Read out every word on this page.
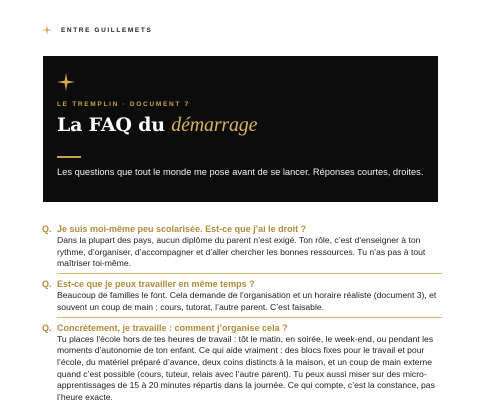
ENTRE GUILLEMETS
LE TREMPLIN · DOCUMENT 7
La FAQ du démarrage
Les questions que tout le monde me pose avant de se lancer. Réponses courtes, droites.
Q. Je suis moi-même peu scolarisée. Est-ce que j’ai le droit ?
Dans la plupart des pays, aucun diplôme du parent n’est exigé. Ton rôle, c’est d’enseigner à ton rythme, d’organiser, d’accompagner et d’aller chercher les bonnes ressources. Tu n’as pas à tout maîtriser toi-même.
Q. Est-ce que je peux travailler en même temps ?
Beaucoup de familles le font. Cela demande de l’organisation et un horaire réaliste (document 3), et souvent un coup de main : cours, tutorat, l’autre parent. C’est faisable.
Q. Concrètement, je travaille : comment j’organise cela ?
Tu places l’école hors de tes heures de travail : tôt le matin, en soirée, le week-end, ou pendant les moments d’autonomie de ton enfant. Ce qui aide vraiment : des blocs fixes pour le travail et pour l’école, du matériel préparé d’avance, deux coins distincts à la maison, et un coup de main externe quand c’est possible (cours, tuteur, relais avec l’autre parent). Tu peux aussi miser sur des micro-apprentissages de 15 à 20 minutes répartis dans la journée. Ce qui compte, c’est la constance, pas l’heure exacte.
